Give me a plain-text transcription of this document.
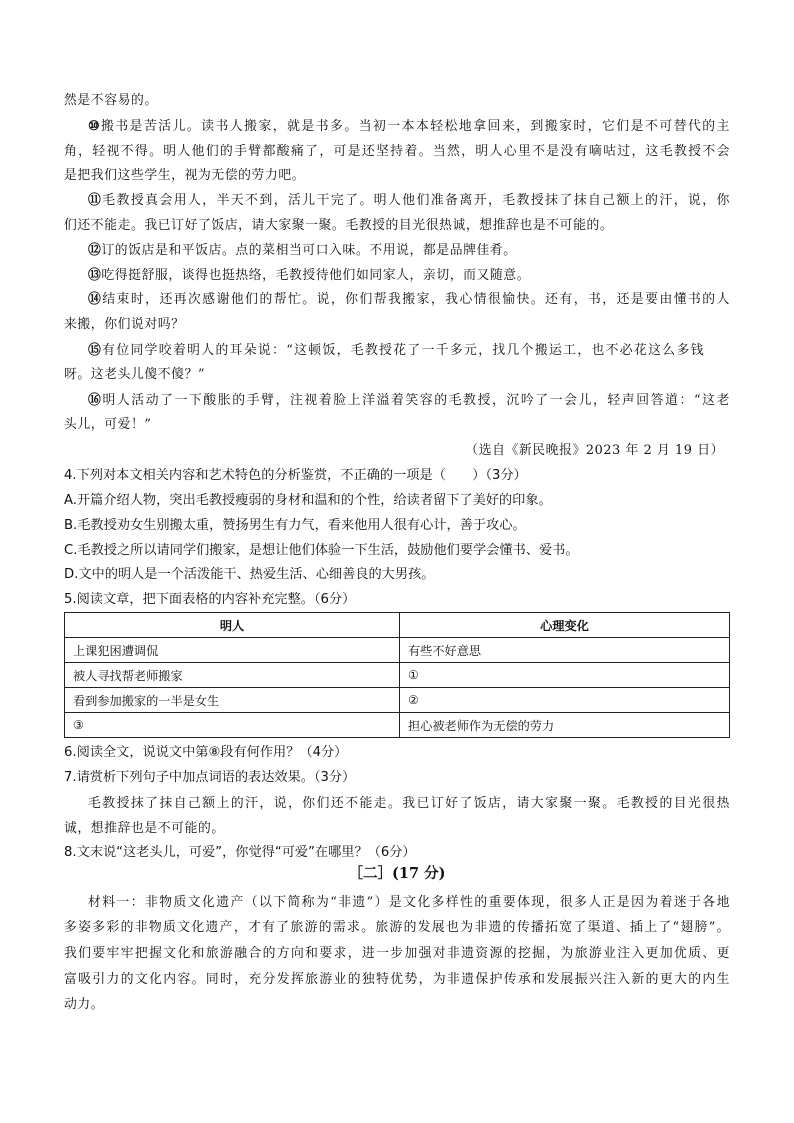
然是不容易的。
⑩搬书是苦活儿。读书人搬家，就是书多。当初一本本轻松地拿回来，到搬家时，它们是不可替代的主
角，轻视不得。明人他们的手臂都酸痛了，可是还坚持着。当然，明人心里不是没有嘀咕过，这毛教授不会
是把我们这些学生，视为无偿的劳力吧。
⑪毛教授真会用人，半天不到，活儿干完了。明人他们准备离开，毛教授抹了抹自己额上的汗，说，你
们还不能走。我已订好了饭店，请大家聚一聚。毛教授的目光很热诚，想推辞也是不可能的。
⑫订的饭店是和平饭店。点的菜相当可口入味。不用说，都是品牌佳肴。
⑬吃得挺舒服，谈得也挺热络，毛教授待他们如同家人，亲切，而又随意。
⑭结束时，还再次感谢他们的帮忙。说，你们帮我搬家，我心情很愉快。还有，书，还是要由懂书的人
来搬，你们说对吗？
⑮有位同学咬着明人的耳朵说：“这顿饭，毛教授花了一千多元，找几个搬运工，也不必花这么多钱
呀。这老头儿傻不傻？”
⑯明人活动了一下酸胀的手臂，注视着脸上洋溢着笑容的毛教授，沉吟了一会儿，轻声回答道：“这老
头儿，可爱！”
（选自《新民晚报》2023 年 2 月 19 日）
4.下列对本文相关内容和艺术特色的分析鉴赏，不正确的一项是（　　）（3分）
A.开篇介绍人物，突出毛教授瘦弱的身材和温和的个性，给读者留下了美好的印象。
B.毛教授劝女生别搬太重，赞扬男生有力气，看来他用人很有心计，善于攻心。
C.毛教授之所以请同学们搬家，是想让他们体验一下生活，鼓励他们要学会懂书、爱书。
D.文中的明人是一个活泼能干、热爱生活、心细善良的大男孩。
5.阅读文章，把下面表格的内容补充完整。（6分）
明人	心理变化
上课犯困遭调侃	有些不好意思
被人寻找帮老师搬家	①
看到参加搬家的一半是女生	②
③	担心被老师作为无偿的劳力
6.阅读全文，说说文中第⑧段有何作用？（4分）
7.请赏析下列句子中加点词语的表达效果。（3分）
毛教授抹了抹自己额上的汗，说，你们还不能走。我已订好了饭店，请大家聚一聚。毛教授的目光很热
诚，想推辞也是不可能的。
8.文末说“这老头儿，可爱”，你觉得“可爱”在哪里？（6分）
［二］(17 分)
材料一：非物质文化遗产（以下简称为“非遗”）是文化多样性的重要体现，很多人正是因为着迷于各地
多姿多彩的非物质文化遗产，才有了旅游的需求。旅游的发展也为非遗的传播拓宽了渠道、插上了“翅膀”。
我们要牢牢把握文化和旅游融合的方向和要求，进一步加强对非遗资源的挖掘，为旅游业注入更加优质、更
富吸引力的文化内容。同时，充分发挥旅游业的独特优势，为非遗保护传承和发展振兴注入新的更大的内生
动力。
